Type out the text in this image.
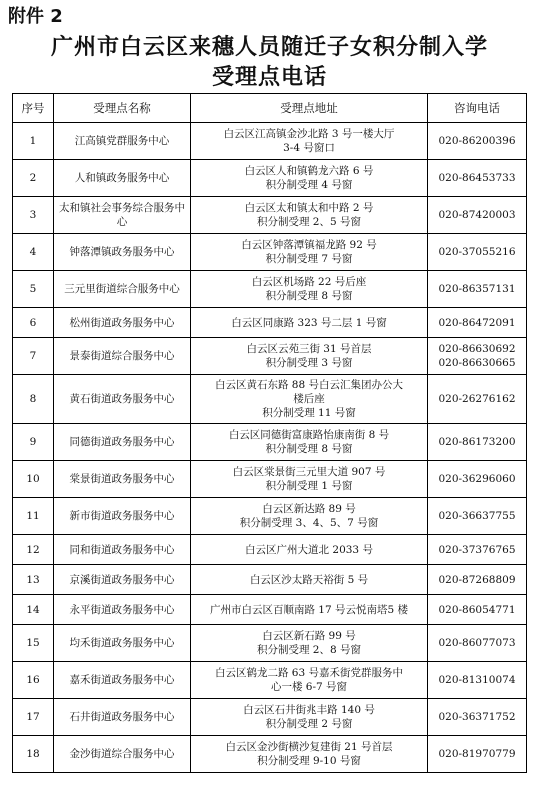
附件 2
广州市白云区来穗人员随迁子女积分制入学
受理点电话
序号	受理点名称	受理点地址	咨询电话
1	江高镇党群服务中心	白云区江高镇金沙北路 3 号一楼大厅
3-4 号窗口	020-86200396

2	人和镇政务服务中心	白云区人和镇鹤龙六路 6 号
积分制受理 4 号窗	020-86453733

3	太和镇社会事务综合服务中心	白云区太和镇太和中路 2 号
积分制受理 2、5 号窗	020-87420003

4	钟落潭镇政务服务中心	白云区钟落潭镇福龙路 92 号
积分制受理 7 号窗	020-37055216

5	三元里街道综合服务中心	白云区机场路 22 号后座
积分制受理 8 号窗	020-86357131

6	松州街道政务服务中心	白云区同康路 323 号二层 1 号窗	020-86472091

7	景泰街道综合服务中心	白云区云苑三街 31 号首层
积分制受理 3 号窗	020-86630692
020-86630665

8	黄石街道政务服务中心	白云区黄石东路 88 号白云汇集团办公大
楼后座
积分制受理 11 号窗	020-26276162

9	同德街道政务服务中心	白云区同德街富康路怡康南街 8 号
积分制受理 8 号窗	020-86173200

10	棠景街道政务服务中心	白云区棠景街三元里大道 907 号
积分制受理 1 号窗	020-36296060

11	新市街道政务服务中心	白云区新达路 89 号
积分制受理 3、4、5、7 号窗	020-36637755

12	同和街道政务服务中心	白云区广州大道北 2033 号	020-37376765

13	京溪街道政务服务中心	白云区沙太路天裕街 5 号	020-87268809

14	永平街道政务服务中心	广州市白云区百顺南路 17 号云悦南塔5 楼	020-86054771

15	均禾街道政务服务中心	白云区新石路 99 号
积分制受理 2、8 号窗	020-86077073

16	嘉禾街道政务服务中心	白云区鹤龙二路 63 号嘉禾街党群服务中
心一楼 6-7 号窗	020-81310074

17	石井街道政务服务中心	白云区石井街兆丰路 140 号
积分制受理 2 号窗	020-36371752

18	金沙街道综合服务中心	白云区金沙街横沙复建街 21 号首层
积分制受理 9-10 号窗	020-81970779
